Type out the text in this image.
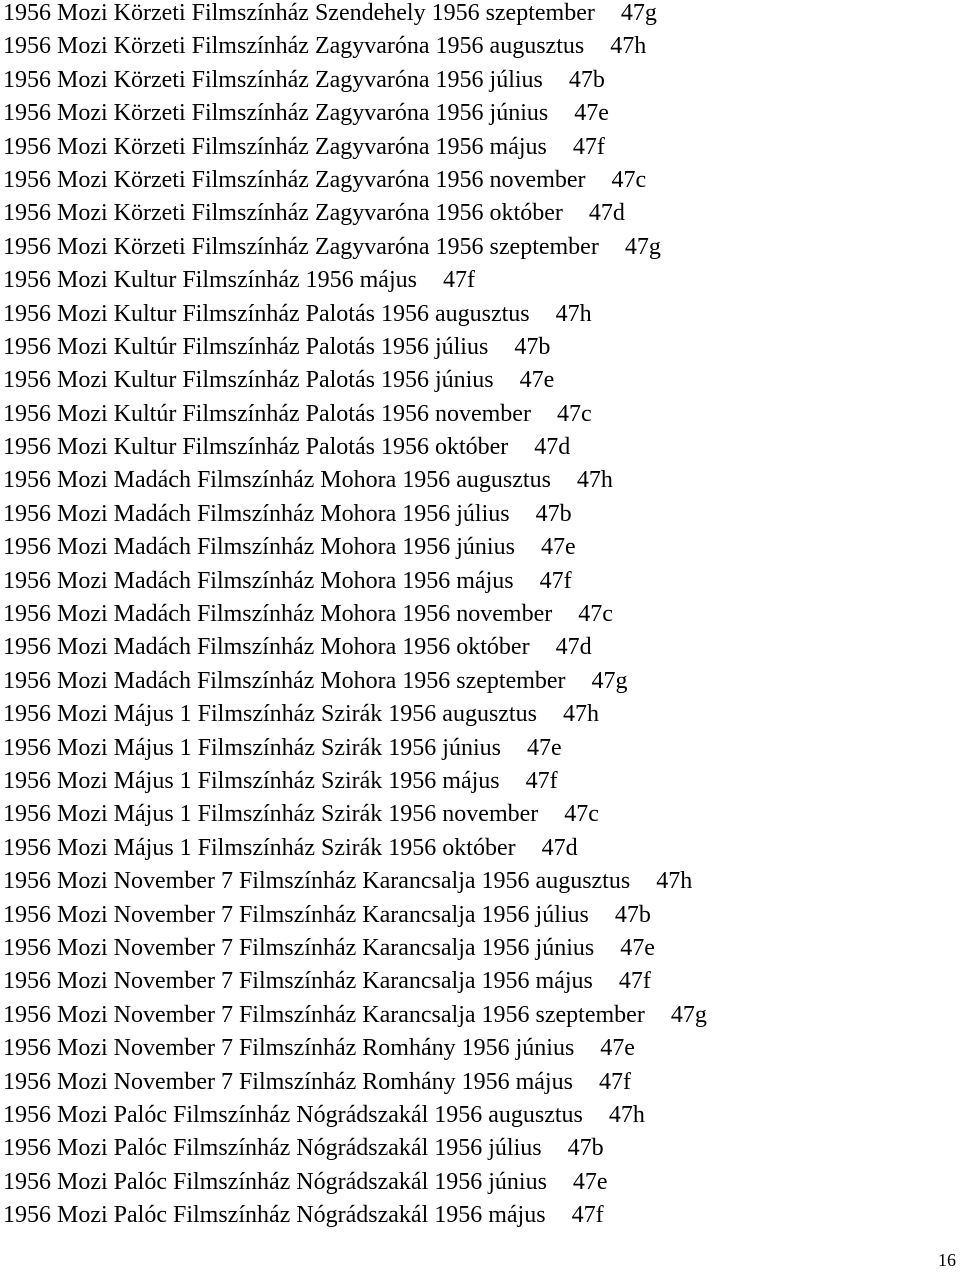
1956 Mozi Körzeti Filmszínház Szendehely 1956 szeptember 47g
1956 Mozi Körzeti Filmszínház Zagyvaróna 1956 augusztus 47h
1956 Mozi Körzeti Filmszínház Zagyvaróna 1956 július 47b
1956 Mozi Körzeti Filmszínház Zagyvaróna 1956 június 47e
1956 Mozi Körzeti Filmszínház Zagyvaróna 1956 május 47f
1956 Mozi Körzeti Filmszínház Zagyvaróna 1956 november 47c
1956 Mozi Körzeti Filmszínház Zagyvaróna 1956 október 47d
1956 Mozi Körzeti Filmszínház Zagyvaróna 1956 szeptember 47g
1956 Mozi Kultur Filmszínház 1956 május 47f
1956 Mozi Kultur Filmszínház Palotás 1956 augusztus 47h
1956 Mozi Kultúr Filmszínház Palotás 1956 július 47b
1956 Mozi Kultur Filmszínház Palotás 1956 június 47e
1956 Mozi Kultúr Filmszínház Palotás 1956 november 47c
1956 Mozi Kultur Filmszínház Palotás 1956 október 47d
1956 Mozi Madách Filmszínház Mohora 1956 augusztus 47h
1956 Mozi Madách Filmszínház Mohora 1956 július 47b
1956 Mozi Madách Filmszínház Mohora 1956 június 47e
1956 Mozi Madách Filmszínház Mohora 1956 május 47f
1956 Mozi Madách Filmszínház Mohora 1956 november 47c
1956 Mozi Madách Filmszínház Mohora 1956 október 47d
1956 Mozi Madách Filmszínház Mohora 1956 szeptember 47g
1956 Mozi Május 1 Filmszínház Szirák 1956 augusztus 47h
1956 Mozi Május 1 Filmszínház Szirák 1956 június 47e
1956 Mozi Május 1 Filmszínház Szirák 1956 május 47f
1956 Mozi Május 1 Filmszínház Szirák 1956 november 47c
1956 Mozi Május 1 Filmszínház Szirák 1956 október 47d
1956 Mozi November 7 Filmszínház Karancsalja 1956 augusztus 47h
1956 Mozi November 7 Filmszínház Karancsalja 1956 július 47b
1956 Mozi November 7 Filmszínház Karancsalja 1956 június 47e
1956 Mozi November 7 Filmszínház Karancsalja 1956 május 47f
1956 Mozi November 7 Filmszínház Karancsalja 1956 szeptember 47g
1956 Mozi November 7 Filmszínház Romhány 1956 június 47e
1956 Mozi November 7 Filmszínház Romhány 1956 május 47f
1956 Mozi Palóc Filmszínház Nógrádszakál 1956 augusztus 47h
1956 Mozi Palóc Filmszínház Nógrádszakál 1956 július 47b
1956 Mozi Palóc Filmszínház Nógrádszakál 1956 június 47e
1956 Mozi Palóc Filmszínház Nógrádszakál 1956 május 47f
16
